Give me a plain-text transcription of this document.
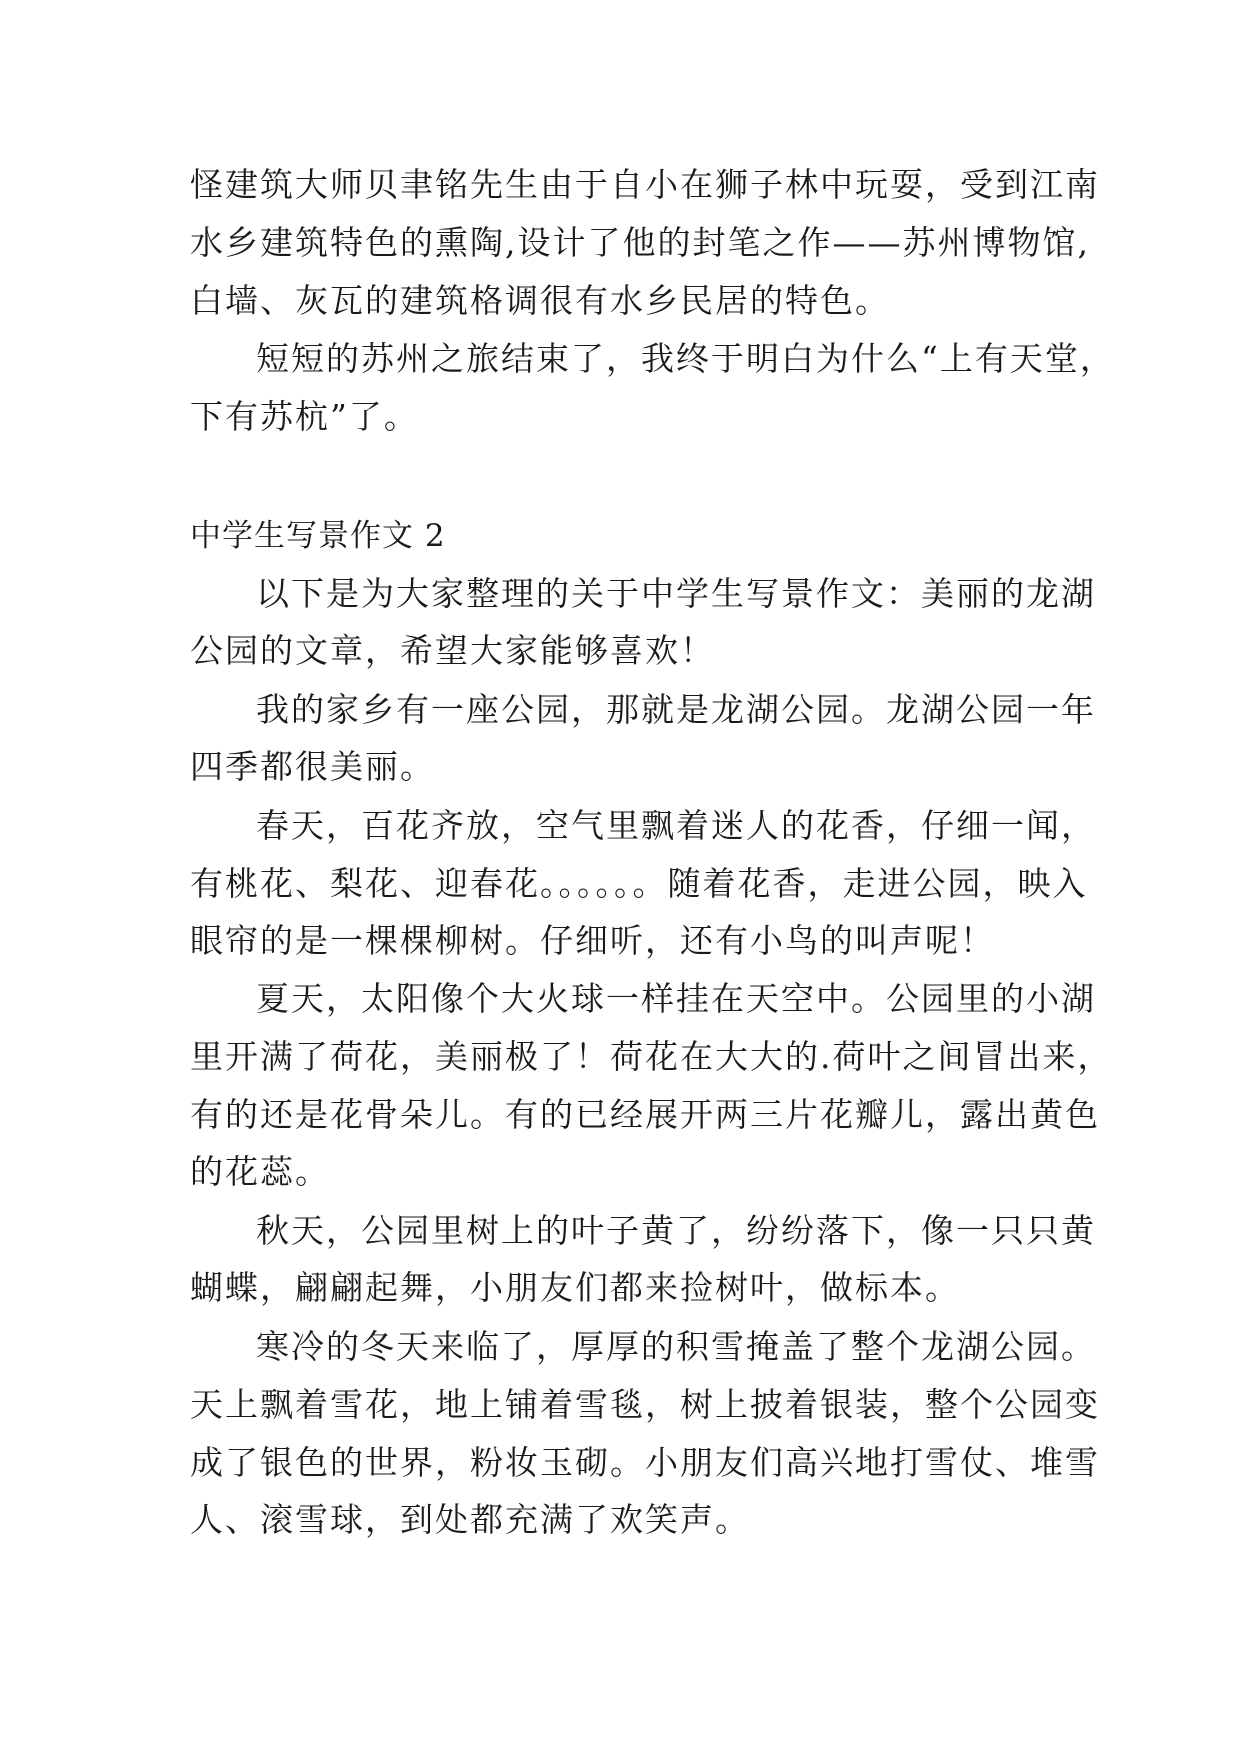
怪建筑大师贝聿铭先生由于自小在狮子林中玩耍，受到江南
水乡建筑特色的熏陶,设计了他的封笔之作——苏州博物馆,
白墙、灰瓦的建筑格调很有水乡民居的特色。
短短的苏州之旅结束了，我终于明白为什么“上有天堂，
下有苏杭”了。
中学生写景作文 2
以下是为大家整理的关于中学生写景作文：美丽的龙湖
公园的文章，希望大家能够喜欢！
我的家乡有一座公园，那就是龙湖公园。龙湖公园一年
四季都很美丽。
春天，百花齐放，空气里飘着迷人的花香，仔细一闻，
有桃花、梨花、迎春花。。。。。。随着花香，走进公园，映入
眼帘的是一棵棵柳树。仔细听，还有小鸟的叫声呢！
夏天，太阳像个大火球一样挂在天空中。公园里的小湖
里开满了荷花，美丽极了！荷花在大大的.荷叶之间冒出来，
有的还是花骨朵儿。有的已经展开两三片花瓣儿，露出黄色
的花蕊。
秋天，公园里树上的叶子黄了，纷纷落下，像一只只黄
蝴蝶，翩翩起舞，小朋友们都来捡树叶，做标本。
寒冷的冬天来临了，厚厚的积雪掩盖了整个龙湖公园。
天上飘着雪花，地上铺着雪毯，树上披着银装，整个公园变
成了银色的世界，粉妆玉砌。小朋友们高兴地打雪仗、堆雪
人、滚雪球，到处都充满了欢笑声。
